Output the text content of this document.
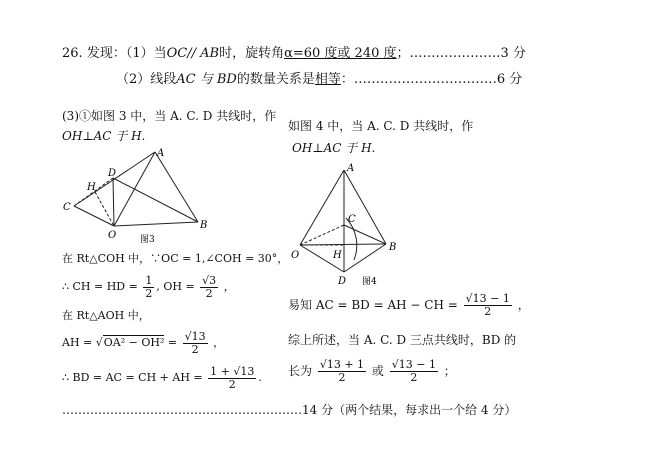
26. 发现：（1）当OC// AB时，旋转角α=60 度或 240 度；…………………3 分
（2）线段AC 与 BD的数量关系是相等：……………………………6 分
(3)①如图 3 中，当 A. C. D 共线时，作
OH⊥AC 于 H.
A
D
H
C
O
B
图3
在 Rt△COH 中，∵OC = 1,∠COH = 30°，
∴ CH = HD = $\frac{1}{2}$ , OH = $\frac{√3}{2}$ ，
在 Rt△AOH 中，
AH = $√OA^2 - OH^2 = \frac{√13}{2}$ ，
∴ BD = AC = CH + AH = $\frac{1 + √13}{2}$ .
如图 4 中，当 A. C. D 共线时，作
OH⊥AC 于 H.
A
C
O	H
B
D 图4
易知 AC = BD = AH − CH = $\frac{√13 - 1}{2}$ ，
综上所述，当 A. C. D 三点共线时，BD 的
长为 $\frac{√13 + 1}{2}$ 或 $\frac{√13 - 1}{2}$ ；
……………………………………………………14 分（两个结果，每求出一个给 4 分）
